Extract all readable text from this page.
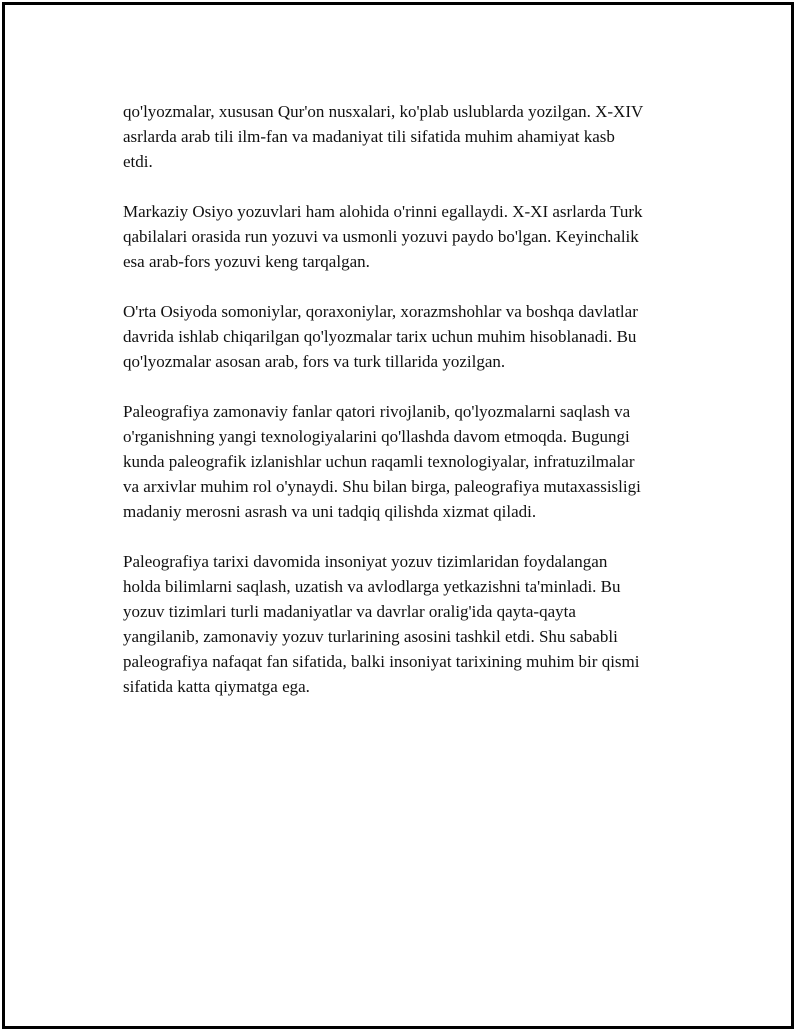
qo'lyozmalar, xususan Qur'on nusxalari, ko'plab uslublarda yozilgan. X-XIV
asrlarda arab tili ilm-fan va madaniyat tili sifatida muhim ahamiyat kasb
etdi.

Markaziy Osiyo yozuvlari ham alohida o'rinni egallaydi. X-XI asrlarda Turk
qabilalari orasida run yozuvi va usmonli yozuvi paydo bo'lgan. Keyinchalik
esa arab-fors yozuvi keng tarqalgan.

O'rta Osiyoda somoniylar, qoraxoniylar, xorazmshohlar va boshqa davlatlar
davrida ishlab chiqarilgan qo'lyozmalar tarix uchun muhim hisoblanadi. Bu
qo'lyozmalar asosan arab, fors va turk tillarida yozilgan.

Paleografiya zamonaviy fanlar qatori rivojlanib, qo'lyozmalarni saqlash va
o'rganishning yangi texnologiyalarini qo'llashda davom etmoqda. Bugungi
kunda paleografik izlanishlar uchun raqamli texnologiyalar, infratuzilmalar
va arxivlar muhim rol o'ynaydi. Shu bilan birga, paleografiya mutaxassisligi
madaniy merosni asrash va uni tadqiq qilishda xizmat qiladi.

Paleografiya tarixi davomida insoniyat yozuv tizimlaridan foydalangan
holda bilimlarni saqlash, uzatish va avlodlarga yetkazishni ta'minladi. Bu
yozuv tizimlari turli madaniyatlar va davrlar oralig'ida qayta-qayta
yangilanib, zamonaviy yozuv turlarining asosini tashkil etdi. Shu sababli
paleografiya nafaqat fan sifatida, balki insoniyat tarixining muhim bir qismi
sifatida katta qiymatga ega.
